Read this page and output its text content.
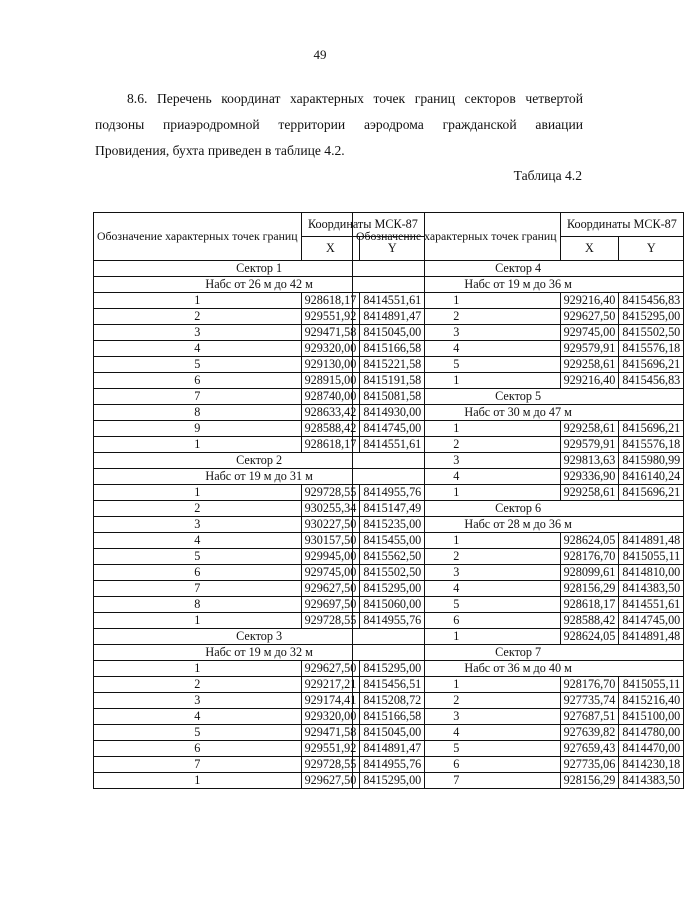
49

8.6. Перечень координат характерных точек границ секторов четвертой подзоны приаэродромной территории аэродрома гражданской авиации Провидения, бухта приведен в таблице 4.2.

Таблица 4.2
Обозначение характерных точек границ	Координаты МСК-87	
	X	Y
Сектор 1		
Набс от 26 м до 42 м		
1	928618,17	8414551,61
2	929551,92	8414891,47
3	929471,58	8415045,00
4	929320,00	8415166,58
5	929130,00	8415221,58
6	928915,00	8415191,58
7	928740,00	8415081,58
8	928633,42	8414930,00
9	928588,42	8414745,00
1	928618,17	8414551,61
Сектор 2		
Набс от 19 м до 31 м		
1	929728,55	8414955,76
2	930255,34	8415147,49
3	930227,50	8415235,00
4	930157,50	8415455,00
5	929945,00	8415562,50
6	929745,00	8415502,50
7	929627,50	8415295,00
8	929697,50	8415060,00
1	929728,55	8414955,76
Сектор 3		
Набс от 19 м до 32 м		
1	929627,50	8415295,00
2	929217,21	8415456,51
3	929174,41	8415208,72
4	929320,00	8415166,58
5	929471,58	8415045,00
6	929551,92	8414891,47
7	929728,55	8414955,76
1	929627,50	8415295,00
Обозначение характерных точек границ	Координаты МСК-87	
	X	Y
Сектор 4		
Набс от 19 м до 36 м		
1	929216,40	8415456,83
2	929627,50	8415295,00
3	929745,00	8415502,50
4	929579,91	8415576,18
5	929258,61	8415696,21
1	929216,40	8415456,83
Сектор 5		
Набс от 30 м до 47 м		
1	929258,61	8415696,21
2	929579,91	8415576,18
3	929813,63	8415980,99
4	929336,90	8416140,24
1	929258,61	8415696,21
Сектор 6		
Набс от 28 м до 36 м		
1	928624,05	8414891,48
2	928176,70	8415055,11
3	928099,61	8414810,00
4	928156,29	8414383,50
5	928618,17	8414551,61
6	928588,42	8414745,00
1	928624,05	8414891,48
Сектор 7		
Набс от 36 м до 40 м		
1	928176,70	8415055,11
2	927735,74	8415216,40
3	927687,51	8415100,00
4	927639,82	8414780,00
5	927659,43	8414470,00
6	927735,06	8414230,18
7	928156,29	8414383,50
